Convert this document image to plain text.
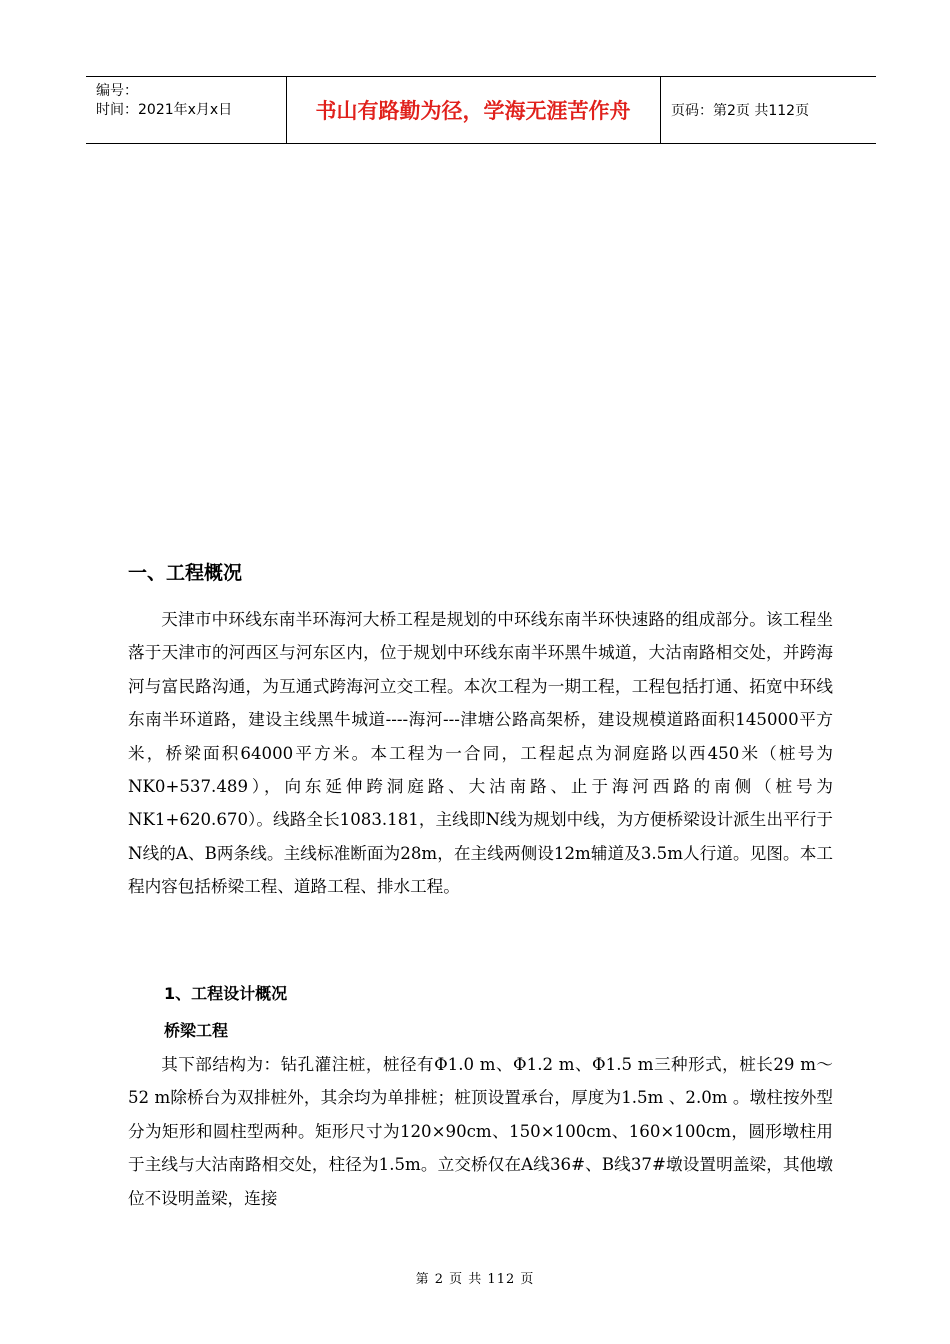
编号：
时间：2021年x月x日	书山有路勤为径，学海无涯苦作舟	页码：第2页 共112页
一、工程概况
天津市中环线东南半环海河大桥工程是规划的中环线东南半环快速路的组成部分。该工程坐落于天津市的河西区与河东区内，位于规划中环线东南半环黑牛城道，大沽南路相交处，并跨海河与富民路沟通，为互通式跨海河立交工程。本次工程为一期工程，工程包括打通、拓宽中环线东南半环道路，建设主线黑牛城道----海河---津塘公路高架桥，建设规模道路面积145000平方米，桥梁面积64000平方米。本工程为一合同，工程起点为洞庭路以西450米（桩号为NK0+537.489），向东延伸跨洞庭路、大沽南路、止于海河西路的南侧（桩号为NK1+620.670）。线路全长1083.181，主线即N线为规划中线，为方便桥梁设计派生出平行于N线的A、B两条线。主线标准断面为28m，在主线两侧设12m辅道及3.5m人行道。见图。本工程内容包括桥梁工程、道路工程、排水工程。
1、工程设计概况
桥梁工程
其下部结构为：钻孔灌注桩，桩径有Φ1.0 m、Φ1.2 m、Φ1.5 m三种形式，桩长29 m～52 m除桥台为双排桩外，其余均为单排桩；桩顶设置承台，厚度为1.5m 、2.0m 。墩柱按外型分为矩形和圆柱型两种。矩形尺寸为120×90cm、150×100cm、160×100cm，圆形墩柱用于主线与大沽南路相交处，柱径为1.5m。立交桥仅在A线36#、B线37#墩设置明盖梁，其他墩位不设明盖梁，连接
第 2 页 共 112 页
